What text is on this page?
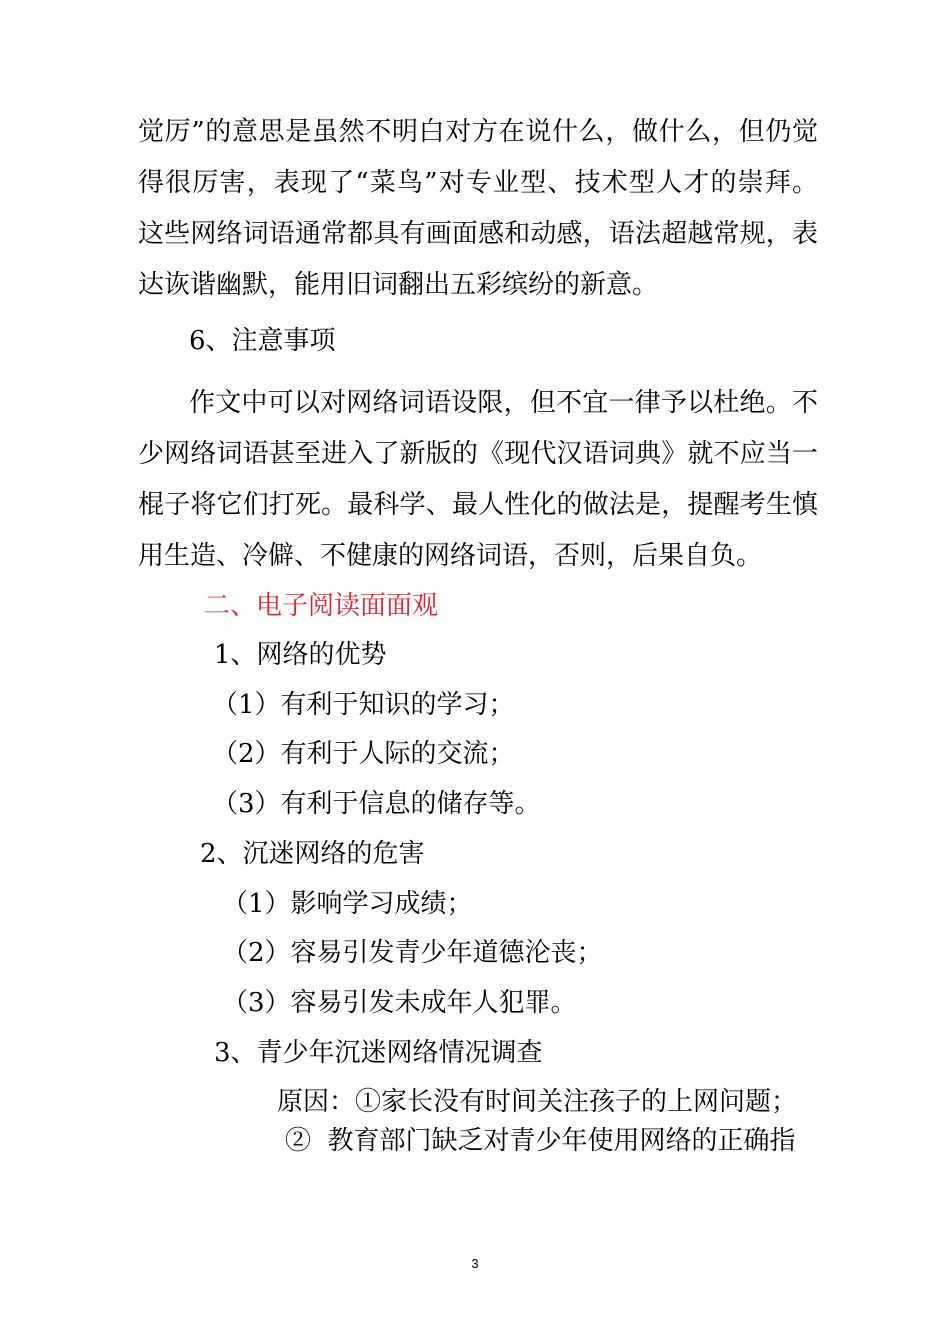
觉厉”的意思是虽然不明白对方在说什么，做什么，但仍觉
得很厉害，表现了“菜鸟”对专业型、技术型人才的崇拜。
这些网络词语通常都具有画面感和动感，语法超越常规，表
达诙谐幽默，能用旧词翻出五彩缤纷的新意。
6、注意事项
作文中可以对网络词语设限，但不宜一律予以杜绝。不
少网络词语甚至进入了新版的《现代汉语词典》就不应当一
棍子将它们打死。最科学、最人性化的做法是，提醒考生慎
用生造、冷僻、不健康的网络词语，否则，后果自负。
二、电子阅读面面观
1、网络的优势
（1）有利于知识的学习；
（2）有利于人际的交流；
（3）有利于信息的储存等。
2、沉迷网络的危害
（1）影响学习成绩；
（2）容易引发青少年道德沦丧；
（3）容易引发未成年人犯罪。
3、青少年沉迷网络情况调查
原因：①家长没有时间关注孩子的上网问题；
②  教育部门缺乏对青少年使用网络的正确指
3
